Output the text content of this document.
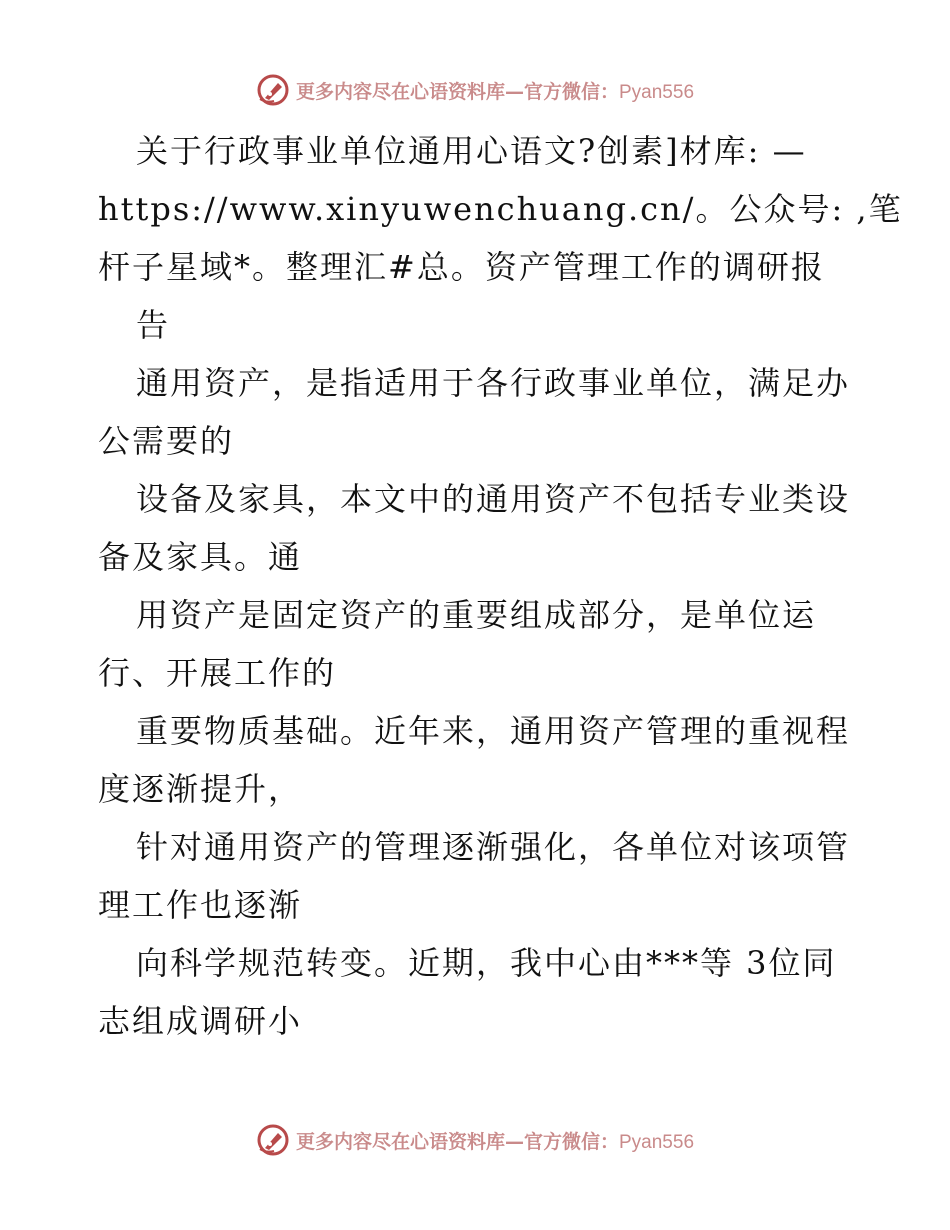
更多内容尽在心语资料库—官方微信：Pyan556
关于行政事业单位通用心语文?创素]材库: —
https://www.xinyuwenchuang.cn/。公众号: ,笔
杆子星域*。整理汇#总。资产管理工作的调研报
告
通用资产，是指适用于各行政事业单位，满足办
公需要的
设备及家具，本文中的通用资产不包括专业类设
备及家具。通
用资产是固定资产的重要组成部分，是单位运
行、开展工作的
重要物质基础。近年来，通用资产管理的重视程
度逐渐提升，
针对通用资产的管理逐渐强化，各单位对该项管
理工作也逐渐
向科学规范转变。近期，我中心由***等 3位同
志组成调研小
更多内容尽在心语资料库—官方微信：Pyan556
